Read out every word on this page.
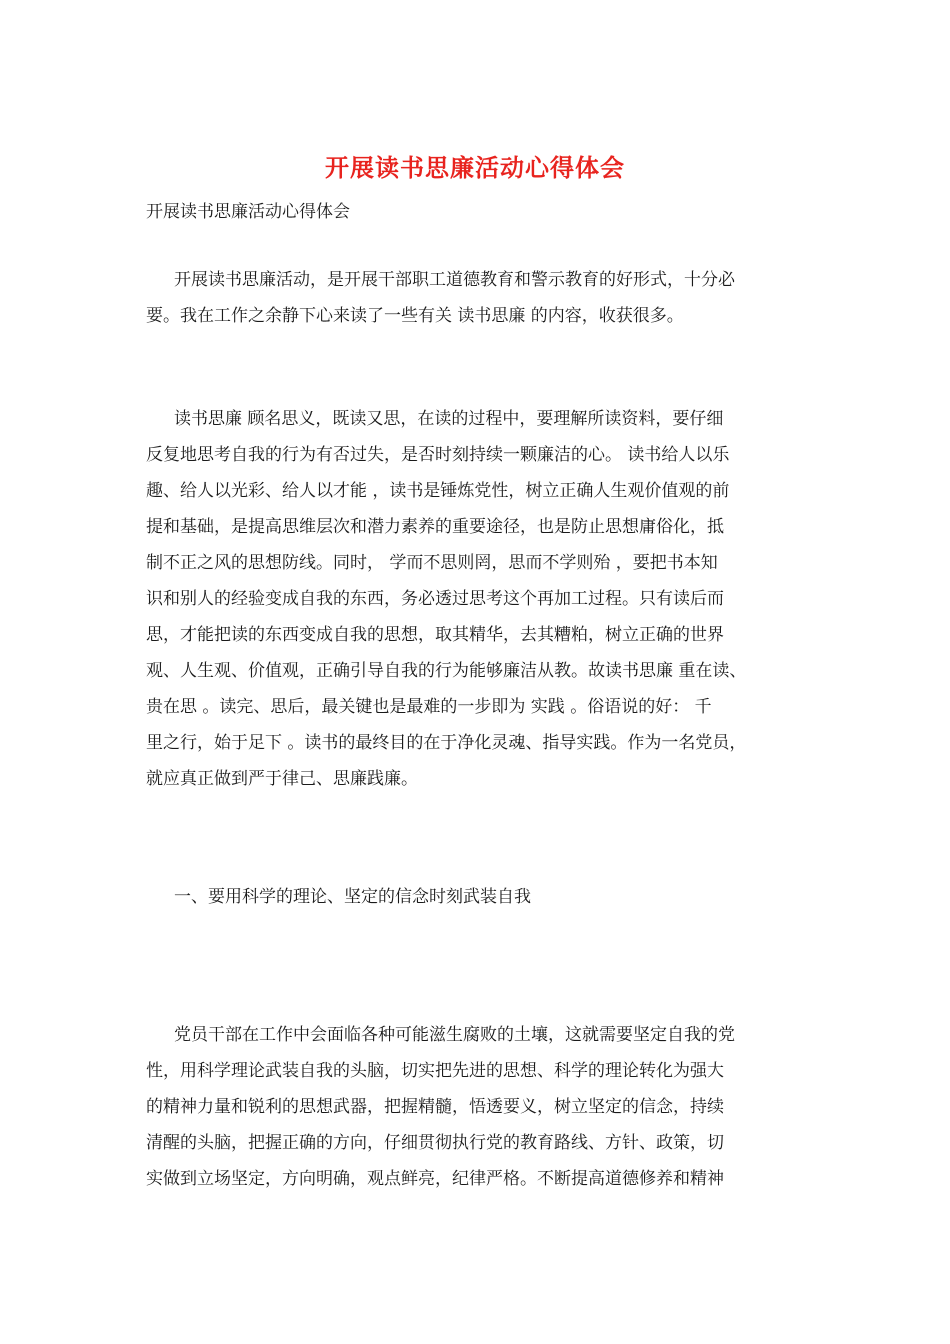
开展读书思廉活动心得体会
开展读书思廉活动心得体会
开展读书思廉活动，是开展干部职工道德教育和警示教育的好形式，十分必
要。我在工作之余静下心来读了一些有关 读书思廉 的内容，收获很多。
读书思廉 顾名思义，既读又思，在读的过程中，要理解所读资料，要仔细
反复地思考自我的行为有否过失，是否时刻持续一颗廉洁的心。 读书给人以乐
趣、给人以光彩、给人以才能 ，读书是锤炼党性，树立正确人生观价值观的前
提和基础，是提高思维层次和潜力素养的重要途径，也是防止思想庸俗化，抵
制不正之风的思想防线。同时， 学而不思则罔，思而不学则殆 ，要把书本知
识和别人的经验变成自我的东西，务必透过思考这个再加工过程。只有读后而
思，才能把读的东西变成自我的思想，取其精华，去其糟粕，树立正确的世界
观、人生观、价值观，正确引导自我的行为能够廉洁从教。故读书思廉 重在读、
贵在思 。读完、思后，最关键也是最难的一步即为 实践 。俗语说的好： 千
里之行，始于足下 。读书的最终目的在于净化灵魂、指导实践。作为一名党员，
就应真正做到严于律己、思廉践廉。
一、要用科学的理论、坚定的信念时刻武装自我
党员干部在工作中会面临各种可能滋生腐败的土壤，这就需要坚定自我的党
性，用科学理论武装自我的头脑，切实把先进的思想、科学的理论转化为强大
的精神力量和锐利的思想武器，把握精髓，悟透要义，树立坚定的信念，持续
清醒的头脑，把握正确的方向，仔细贯彻执行党的教育路线、方针、政策，切
实做到立场坚定，方向明确，观点鲜亮，纪律严格。不断提高道德修养和精神
